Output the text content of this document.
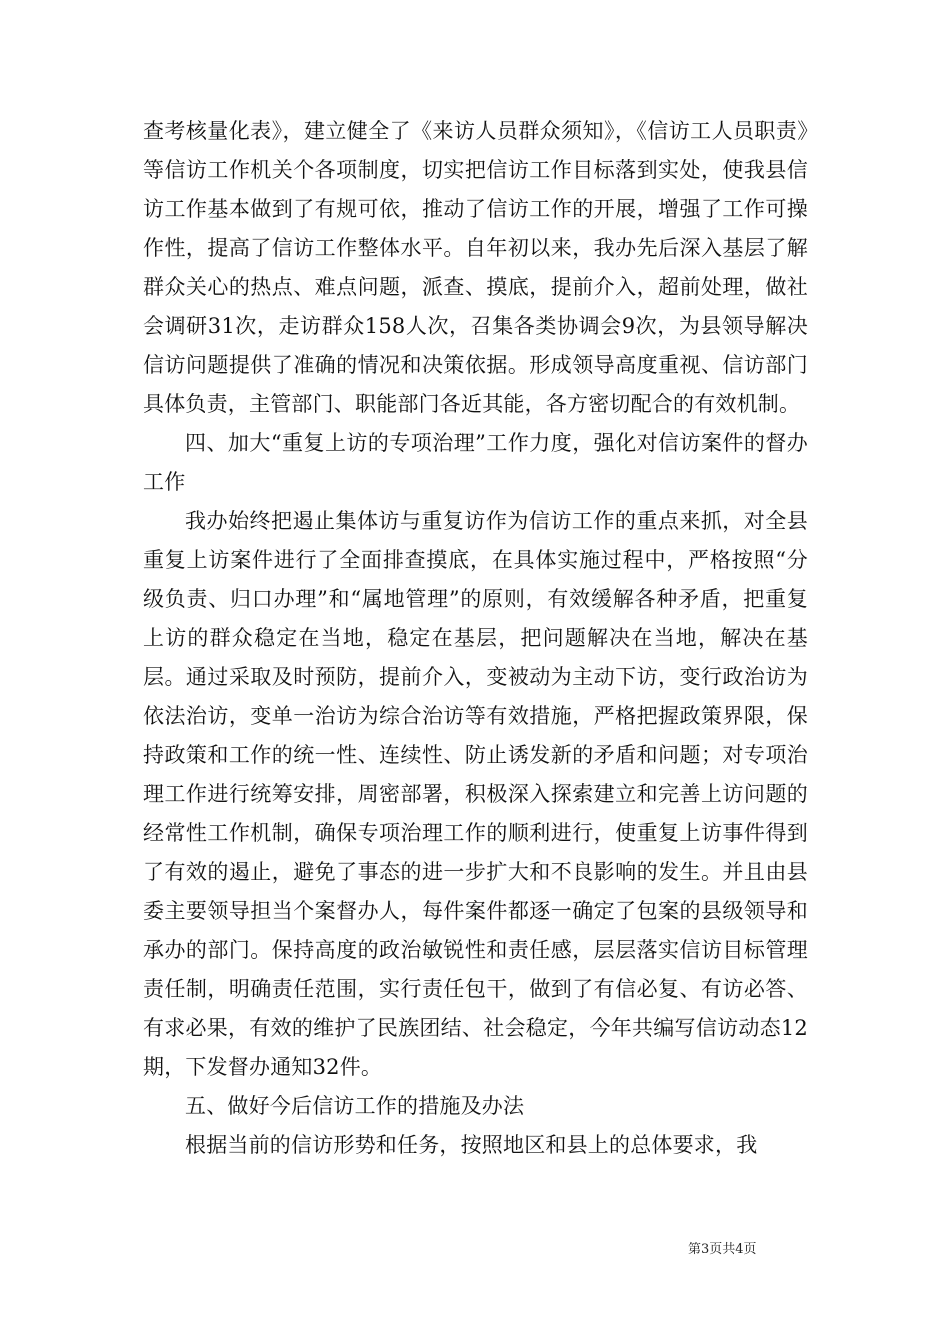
查考核量化表》，建立健全了《来访人员群众须知》，《信访工人员职责》等信访工作机关个各项制度，切实把信访工作目标落到实处，使我县信访工作基本做到了有规可依，推动了信访工作的开展，增强了工作可操作性，提高了信访工作整体水平。自年初以来，我办先后深入基层了解群众关心的热点、难点问题，派查、摸底，提前介入，超前处理，做社会调研31次，走访群众158人次，召集各类协调会9次，为县领导解决信访问题提供了准确的情况和决策依据。形成领导高度重视、信访部门具体负责，主管部门、职能部门各近其能，各方密切配合的有效机制。

四、加大“重复上访的专项治理”工作力度，强化对信访案件的督办工作

我办始终把遏止集体访与重复访作为信访工作的重点来抓，对全县重复上访案件进行了全面排查摸底，在具体实施过程中，严格按照“分级负责、归口办理”和“属地管理”的原则，有效缓解各种矛盾，把重复上访的群众稳定在当地，稳定在基层，把问题解决在当地，解决在基层。通过采取及时预防，提前介入，变被动为主动下访，变行政治访为依法治访，变单一治访为综合治访等有效措施，严格把握政策界限，保持政策和工作的统一性、连续性、防止诱发新的矛盾和问题；对专项治理工作进行统筹安排，周密部署，积极深入探索建立和完善上访问题的经常性工作机制，确保专项治理工作的顺利进行，使重复上访事件得到了有效的遏止，避免了事态的进一步扩大和不良影响的发生。并且由县委主要领导担当个案督办人，每件案件都逐一确定了包案的县级领导和承办的部门。保持高度的政治敏锐性和责任感，层层落实信访目标管理责任制，明确责任范围，实行责任包干，做到了有信必复、有访必答、有求必果，有效的维护了民族团结、社会稳定，今年共编写信访动态12期，下发督办通知32件。

五、做好今后信访工作的措施及办法

根据当前的信访形势和任务，按照地区和县上的总体要求，我

第3页共4页
